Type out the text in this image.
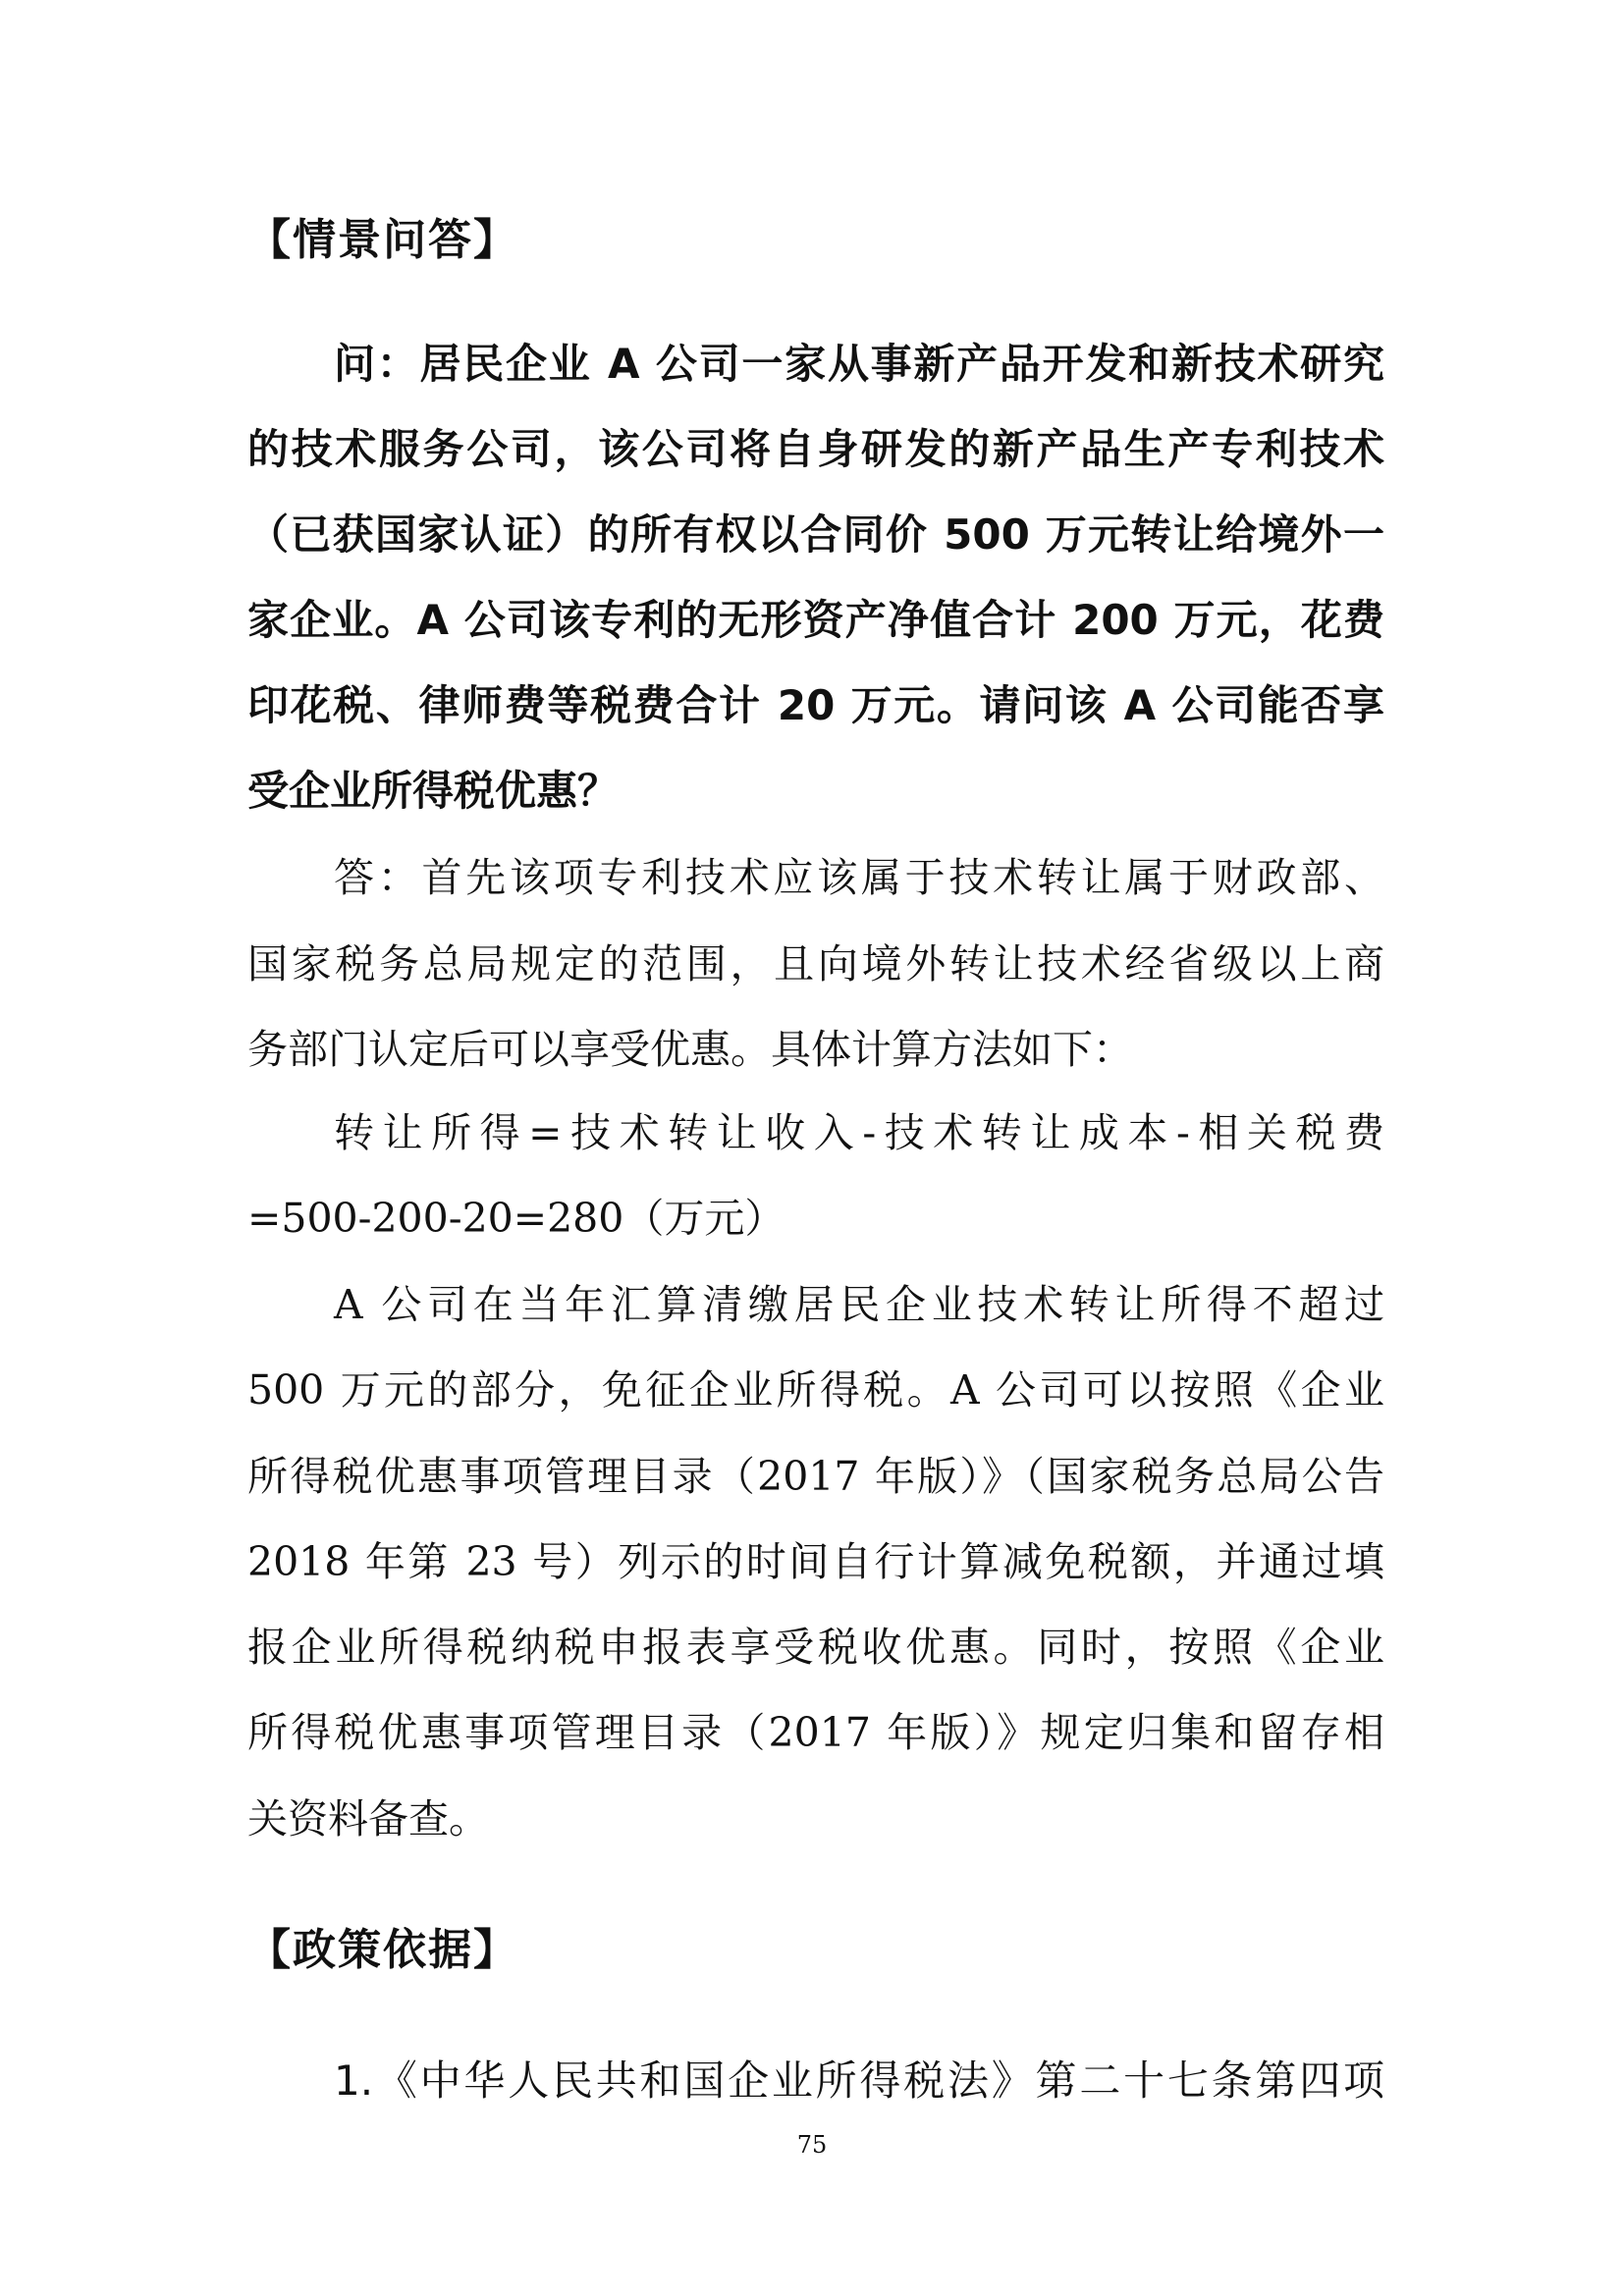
【情景问答】
问：居民企业 A 公司一家从事新产品开发和新技术研究
的技术服务公司，该公司将自身研发的新产品生产专利技术
（已获国家认证）的所有权以合同价 500 万元转让给境外一
家企业。A 公司该专利的无形资产净值合计 200 万元，花费
印花税、律师费等税费合计 20 万元。请问该 A 公司能否享
受企业所得税优惠？
答：首先该项专利技术应该属于技术转让属于财政部、
国家税务总局规定的范围，且向境外转让技术经省级以上商
务部门认定后可以享受优惠。具体计算方法如下：
转让所得=技术转让收入-技术转让成本-相关税费
=500-200-20=280（万元）
A 公司在当年汇算清缴居民企业技术转让所得不超过
500 万元的部分，免征企业所得税。A 公司可以按照《企业
所得税优惠事项管理目录（2017 年版）》（国家税务总局公告
2018 年第 23 号）列示的时间自行计算减免税额，并通过填
报企业所得税纳税申报表享受税收优惠。同时，按照《企业
所得税优惠事项管理目录（2017 年版）》规定归集和留存相
关资料备查。
【政策依据】
1.《中华人民共和国企业所得税法》第二十七条第四项
75
